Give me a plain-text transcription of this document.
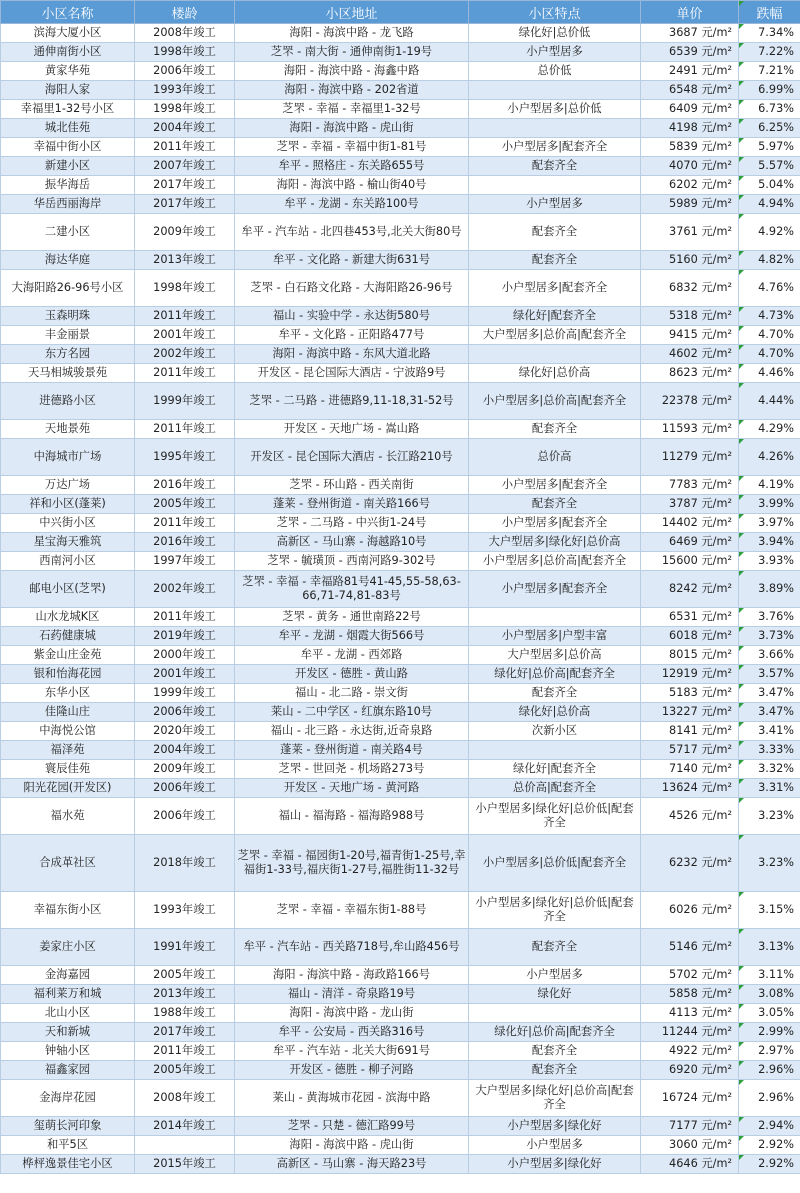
小区名称	楼龄	小区地址	小区特点	单价	跌幅
滨海大厦小区	2008年竣工	海阳 - 海滨中路 - 龙飞路	绿化好|总价低	3687 元/m²	7.34%
通伸南街小区	1998年竣工	芝罘 - 南大街 - 通伸南街1-19号	小户型居多	6539 元/m²	7.22%
黄家华苑	2006年竣工	海阳 - 海滨中路 - 海鑫中路	总价低	2491 元/m²	7.21%
海阳人家	1993年竣工	海阳 - 海滨中路 - 202省道		6548 元/m²	6.99%
幸福里1-32号小区	1998年竣工	芝罘 - 幸福 - 幸福里1-32号	小户型居多|总价低	6409 元/m²	6.73%
城北佳苑	2004年竣工	海阳 - 海滨中路 - 虎山街		4198 元/m²	6.25%
幸福中街小区	2011年竣工	芝罘 - 幸福 - 幸福中街1-81号	小户型居多|配套齐全	5839 元/m²	5.97%
新建小区	2007年竣工	牟平 - 照格庄 - 东关路655号	配套齐全	4070 元/m²	5.57%
振华海岳	2017年竣工	海阳 - 海滨中路 - 榆山街40号		6202 元/m²	5.04%
华岳西丽海岸	2017年竣工	牟平 - 龙湖 - 东关路100号	小户型居多	5989 元/m²	4.94%
二建小区	2009年竣工	牟平 - 汽车站 - 北四巷453号,北关大街80号	配套齐全	3761 元/m²	4.92%
海达华庭	2013年竣工	牟平 - 文化路 - 新建大街631号	配套齐全	5160 元/m²	4.82%
大海阳路26-96号小区	1998年竣工	芝罘 - 白石路文化路 - 大海阳路26-96号	小户型居多|配套齐全	6832 元/m²	4.76%
玉森明珠	2011年竣工	福山 - 实验中学 - 永达街580号	绿化好|配套齐全	5318 元/m²	4.73%
丰金丽景	2001年竣工	牟平 - 文化路 - 正阳路477号	大户型居多|总价高|配套齐全	9415 元/m²	4.70%
东方名园	2002年竣工	海阳 - 海滨中路 - 东风大道北路		4602 元/m²	4.70%
天马相城骏景苑	2011年竣工	开发区 - 昆仑国际大酒店 - 宁波路9号	绿化好|总价高	8623 元/m²	4.46%
进德路小区	1999年竣工	芝罘 - 二马路 - 进德路9,11-18,31-52号	小户型居多|总价高|配套齐全	22378 元/m²	4.44%
天地景苑	2011年竣工	开发区 - 天地广场 - 嵩山路	配套齐全	11593 元/m²	4.29%
中海城市广场	1995年竣工	开发区 - 昆仑国际大酒店 - 长江路210号	总价高	11279 元/m²	4.26%
万达广场	2016年竣工	芝罘 - 环山路 - 西关南街	小户型居多|配套齐全	7783 元/m²	4.19%
祥和小区(蓬莱)	2005年竣工	蓬莱 - 登州街道 - 南关路166号	配套齐全	3787 元/m²	3.99%
中兴街小区	2011年竣工	芝罘 - 二马路 - 中兴街1-24号	小户型居多|配套齐全	14402 元/m²	3.97%
星宝海天雅筑	2016年竣工	高新区 - 马山寨 - 海越路10号	大户型居多|绿化好|总价高	6469 元/m²	3.94%
西南河小区	1997年竣工	芝罘 - 毓璜顶 - 西南河路9-302号	小户型居多|总价高|配套齐全	15600 元/m²	3.93%
邮电小区(芝罘)	2002年竣工	芝罘 - 幸福 - 幸福路81号41-45,55-58,63-66,71-74,81-83号	小户型居多|配套齐全	8242 元/m²	3.89%
山水龙城K区	2011年竣工	芝罘 - 黄务 - 通世南路22号		6531 元/m²	3.76%
石药健康城	2019年竣工	牟平 - 龙湖 - 烟霞大街566号	小户型居多|户型丰富	6018 元/m²	3.73%
紫金山庄金苑	2000年竣工	牟平 - 龙湖 - 西郊路	大户型居多|总价高	8015 元/m²	3.66%
银和怡海花园	2001年竣工	开发区 - 德胜 - 黄山路	绿化好|总价高|配套齐全	12919 元/m²	3.57%
东华小区	1999年竣工	福山 - 北二路 - 崇文街	配套齐全	5183 元/m²	3.47%
佳隆山庄	2006年竣工	莱山 - 二中学区 - 红旗东路10号	绿化好|总价高	13227 元/m²	3.47%
中海悦公馆	2020年竣工	福山 - 北三路 - 永达街,近奇泉路	次新小区	8141 元/m²	3.41%
福泽苑	2004年竣工	蓬莱 - 登州街道 - 南关路4号		5717 元/m²	3.33%
寰辰佳苑	2009年竣工	芝罘 - 世回尧 - 机场路273号	绿化好|配套齐全	7140 元/m²	3.32%
阳光花园(开发区)	2006年竣工	开发区 - 天地广场 - 黄河路	总价高|配套齐全	13624 元/m²	3.31%
福水苑	2006年竣工	福山 - 福海路 - 福海路988号	小户型居多|绿化好|总价低|配套齐全	4526 元/m²	3.23%
合成革社区	2018年竣工	芝罘 - 幸福 - 福园街1-20号,福青街1-25号,幸福街1-33号,福庆街1-27号,福胜街11-32号	小户型居多|总价低|配套齐全	6232 元/m²	3.23%
幸福东街小区	1993年竣工	芝罘 - 幸福 - 幸福东街1-88号	小户型居多|绿化好|总价低|配套齐全	6026 元/m²	3.15%
姜家庄小区	1991年竣工	牟平 - 汽车站 - 西关路718号,牟山路456号	配套齐全	5146 元/m²	3.13%
金海嘉园	2005年竣工	海阳 - 海滨中路 - 海政路166号	小户型居多	5702 元/m²	3.11%
福利莱万和城	2013年竣工	福山 - 清洋 - 奇泉路19号	绿化好	5858 元/m²	3.08%
北山小区	1988年竣工	海阳 - 海滨中路 - 龙山街		4113 元/m²	3.05%
天和新城	2017年竣工	牟平 - 公安局 - 西关路316号	绿化好|总价高|配套齐全	11244 元/m²	2.99%
钟轴小区	2011年竣工	牟平 - 汽车站 - 北关大街691号	配套齐全	4922 元/m²	2.97%
福鑫家园	2005年竣工	开发区 - 德胜 - 柳子河路	配套齐全	6920 元/m²	2.96%
金海岸花园	2008年竣工	莱山 - 黄海城市花园 - 滨海中路	大户型居多|绿化好|总价高|配套齐全	16724 元/m²	2.96%
玺萌长河印象	2014年竣工	芝罘 - 只楚 - 德汇路99号	小户型居多|绿化好	7177 元/m²	2.94%
和平5区		海阳 - 海滨中路 - 虎山街	小户型居多	3060 元/m²	2.92%
桦枰逸景佳宅小区	2015年竣工	高新区 - 马山寨 - 海天路23号	小户型居多|绿化好	4646 元/m²	2.92%
